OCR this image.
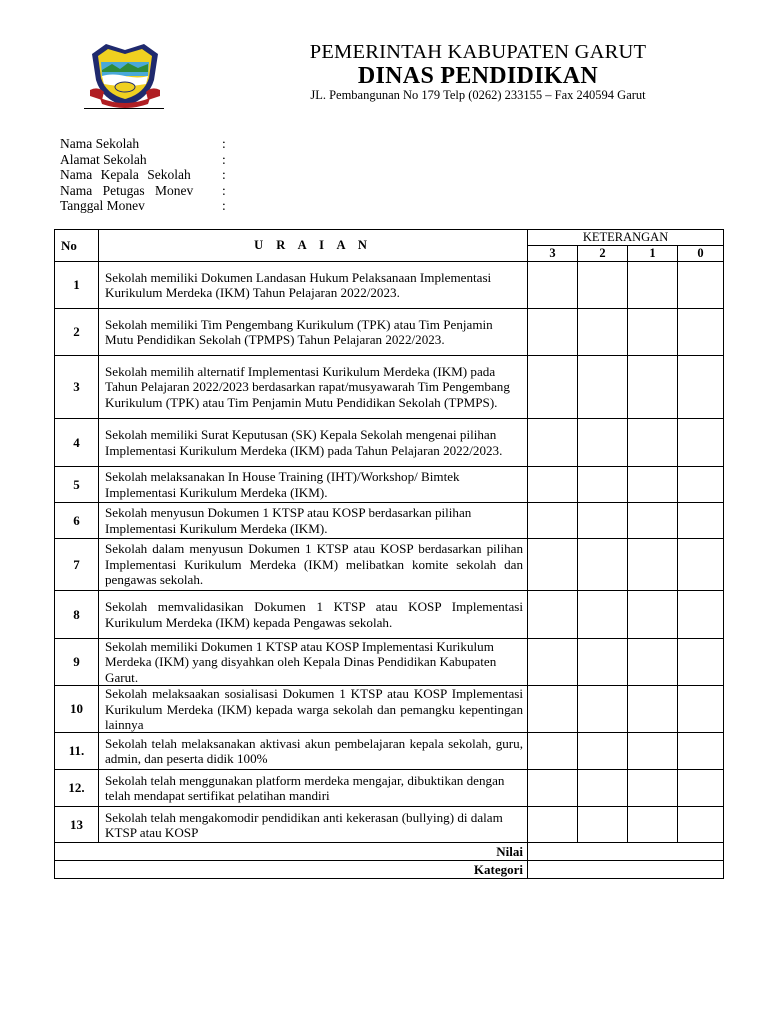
PEMERINTAH KABUPATEN GARUT
DINAS PENDIDIKAN
JL. Pembangunan No 179 Telp (0262) 233155 – Fax 240594 Garut
Nama Sekolah	:
Alamat Sekolah	:
Nama Kepala Sekolah	:
Nama Petugas Monev	:
Tanggal Monev	:
No	U R A I A N	KETERANGAN			
		3	2	1	0
1	Sekolah memiliki Dokumen Landasan Hukum Pelaksanaan Implementasi Kurikulum Merdeka (IKM) Tahun Pelajaran 2022/2023.				
2	Sekolah memiliki Tim Pengembang Kurikulum (TPK) atau Tim Penjamin Mutu Pendidikan Sekolah (TPMPS) Tahun Pelajaran 2022/2023.				
3	Sekolah memilih alternatif Implementasi Kurikulum Merdeka (IKM) pada Tahun Pelajaran 2022/2023 berdasarkan rapat/musyawarah Tim Pengembang Kurikulum (TPK) atau Tim Penjamin Mutu Pendidikan Sekolah (TPMPS).				
4	Sekolah memiliki Surat Keputusan (SK) Kepala Sekolah mengenai pilihan Implementasi Kurikulum Merdeka (IKM) pada Tahun Pelajaran 2022/2023.				
5	Sekolah melaksanakan In House Training (IHT)/Workshop/ Bimtek Implementasi Kurikulum Merdeka (IKM).				
6	Sekolah menyusun Dokumen 1 KTSP atau KOSP berdasarkan pilihan Implementasi Kurikulum Merdeka (IKM).				
7	Sekolah dalam menyusun Dokumen 1 KTSP atau KOSP berdasarkan pilihan Implementasi Kurikulum Merdeka (IKM) melibatkan komite sekolah dan pengawas sekolah.				
8	Sekolah memvalidasikan Dokumen 1 KTSP atau KOSP Implementasi Kurikulum Merdeka (IKM) kepada Pengawas sekolah.				
9	Sekolah memiliki Dokumen 1 KTSP atau KOSP Implementasi Kurikulum Merdeka (IKM) yang disyahkan oleh Kepala Dinas Pendidikan Kabupaten Garut.				
10	Sekolah melaksaakan sosialisasi Dokumen 1 KTSP atau KOSP Implementasi Kurikulum Merdeka (IKM) kepada warga sekolah dan pemangku kepentingan lainnya				
11.	Sekolah telah melaksanakan aktivasi akun pembelajaran kepala sekolah, guru, admin, dan peserta didik 100%				
12.	Sekolah telah menggunakan platform merdeka mengajar, dibuktikan dengan telah mendapat sertifikat pelatihan mandiri				
13	Sekolah telah mengakomodir pendidikan anti kekerasan (bullying) di dalam KTSP atau KOSP				
Nilai					
Kategori					
